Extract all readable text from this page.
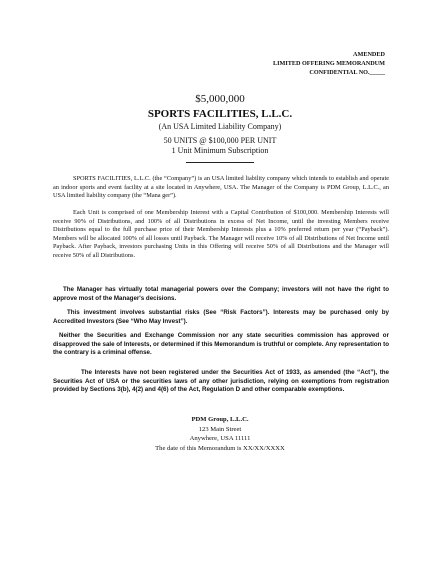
AMENDED
LIMITED OFFERING MEMORANDUM
CONFIDENTIAL NO._____
$5,000,000
SPORTS FACILITIES, L.L.C.
(An USA Limited Liability Company)
50 UNITS @ $100,000 PER UNIT
1 Unit Minimum Subscription
SPORTS FACILITIES, L.L.C. (the “Company”) is an USA limited liability company which intends to establish and operate an indoor sports and event facility at a site located in Anywhere, USA. The Manager of the Company is PDM Group, L.L.C., an USA limited liability company (the “Mana ger”).
Each Unit is comprised of one Membership Interest with a Capital Contribution of $100,000. Membership Interests will receive 90% of Distributions, and 100% of all Distributions in excess of Net Income, until the investing Members receive Distributions equal to the full purchase price of their Membership Interests plus a 10% preferred return per year (“Payback”). Members will be allocated 100% of all losses until Payback. The Manager will receive 10% of all Distributions of Net Income until Payback. After Payback, investors purchasing Units in this Offering will receive 50% of all Distributions and the Manager will receive 50% of all Distributions.
The Manager has virtually total managerial powers over the Company; investors will not have the right to approve most of the Manager's decisions.
This investment involves substantial risks (See “Risk Factors”). Interests may be purchased only by Accredited Investors (See “Who May Invest”).
Neither the Securities and Exchange Commission nor any state securities commission has approved or disapproved the sale of Interests, or determined if this Memorandum is truthful or complete. Any representation to the contrary is a criminal offense.
The Interests have not been registered under the Securities Act of 1933, as amended (the “Act”), the Securities Act of USA or the securities laws of any other jurisdiction, relying on exemptions from registration provided by Sections 3(b), 4(2) and 4(6) of the Act, Regulation D and other comparable exemptions.
PDM Group, L.L.C.
123 Main Street
Anywhere, USA 11111
The date of this Memorandum is XX/XX/XXXX
